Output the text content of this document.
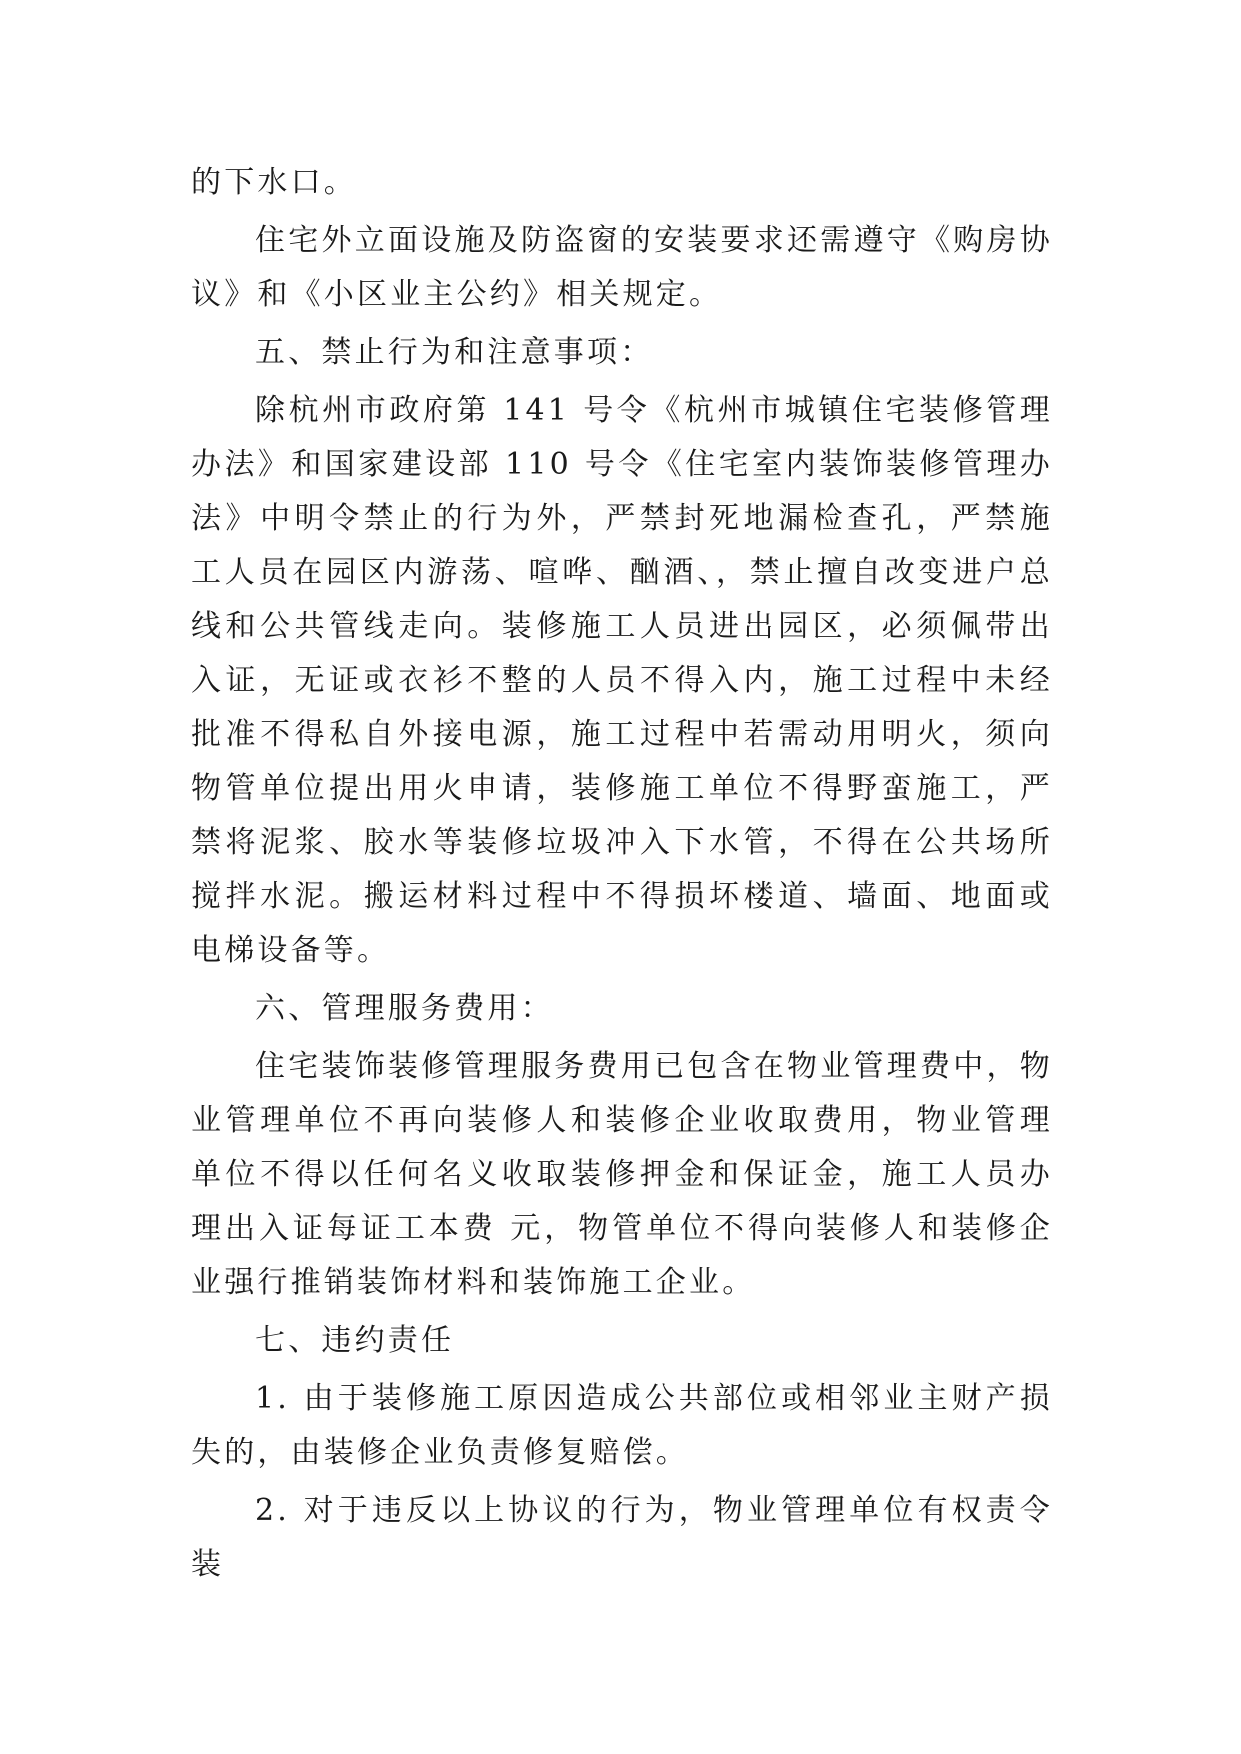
的下水口。

住宅外立面设施及防盗窗的安装要求还需遵守《购房协议》和《小区业主公约》相关规定。

五、禁止行为和注意事项：

除杭州市政府第 141 号令《杭州市城镇住宅装修管理办法》和国家建设部 110 号令《住宅室内装饰装修管理办法》中明令禁止的行为外，严禁封死地漏检查孔，严禁施工人员在园区内游荡、喧哗、酗酒、，禁止擅自改变进户总线和公共管线走向。装修施工人员进出园区，必须佩带出入证，无证或衣衫不整的人员不得入内，施工过程中未经批准不得私自外接电源，施工过程中若需动用明火，须向物管单位提出用火申请，装修施工单位不得野蛮施工，严禁将泥浆、胶水等装修垃圾冲入下水管，不得在公共场所搅拌水泥。搬运材料过程中不得损坏楼道、墙面、地面或电梯设备等。

六、管理服务费用：

住宅装饰装修管理服务费用已包含在物业管理费中，物业管理单位不再向装修人和装修企业收取费用，物业管理单位不得以任何名义收取装修押金和保证金，施工人员办理出入证每证工本费 元，物管单位不得向装修人和装修企业强行推销装饰材料和装饰施工企业。

七、违约责任

1. 由于装修施工原因造成公共部位或相邻业主财产损失的，由装修企业负责修复赔偿。

2. 对于违反以上协议的行为，物业管理单位有权责令装
